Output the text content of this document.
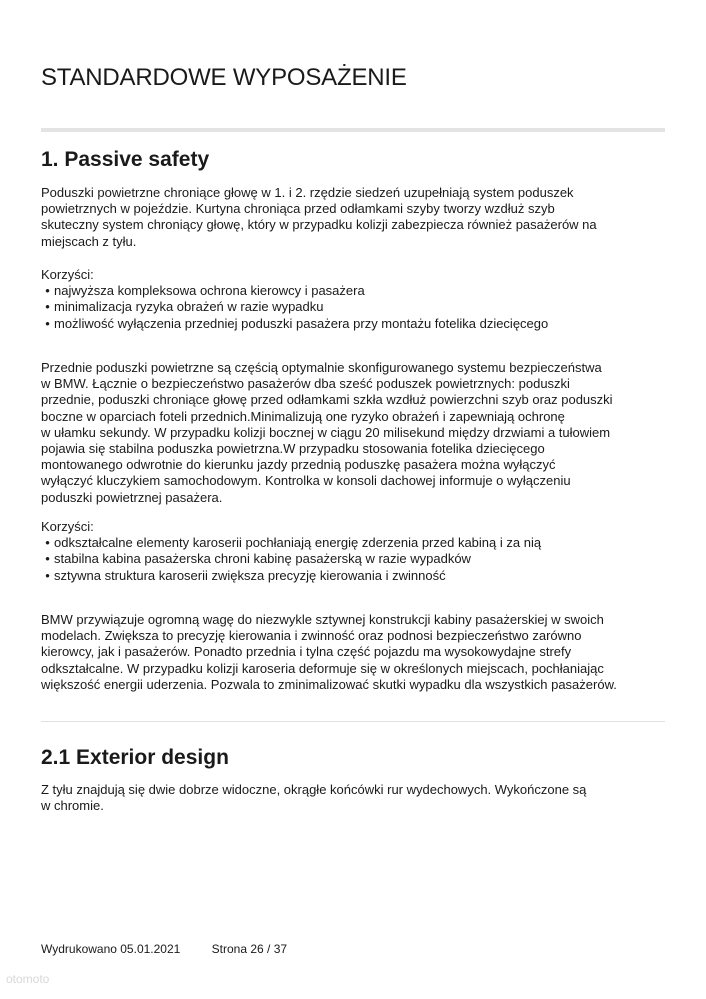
STANDARDOWE WYPOSAŻENIE
1. Passive safety
Poduszki powietrzne chroniące głowę w 1. i 2. rzędzie siedzeń uzupełniają system poduszek
powietrznych w pojeździe. Kurtyna chroniąca przed odłamkami szyby tworzy wzdłuż szyb
skuteczny system chroniący głowę, który w przypadku kolizji zabezpiecza również pasażerów na
miejscach z tyłu.
Korzyści:
• najwyższa kompleksowa ochrona kierowcy i pasażera
• minimalizacja ryzyka obrażeń w razie wypadku
• możliwość wyłączenia przedniej poduszki pasażera przy montażu fotelika dziecięcego
Przednie poduszki powietrzne są częścią optymalnie skonfigurowanego systemu bezpieczeństwa
w BMW. Łącznie o bezpieczeństwo pasażerów dba sześć poduszek powietrznych: poduszki
przednie, poduszki chroniące głowę przed odłamkami szkła wzdłuż powierzchni szyb oraz poduszki
boczne w oparciach foteli przednich.Minimalizują one ryzyko obrażeń i zapewniają ochronę
w ułamku sekundy. W przypadku kolizji bocznej w ciągu 20 milisekund między drzwiami a tułowiem
pojawia się stabilna poduszka powietrzna.W przypadku stosowania fotelika dziecięcego
montowanego odwrotnie do kierunku jazdy przednią poduszkę pasażera można wyłączyć
wyłączyć kluczykiem samochodowym. Kontrolka w konsoli dachowej informuje o wyłączeniu
poduszki powietrznej pasażera.
Korzyści:
• odkształcalne elementy karoserii pochłaniają energię zderzenia przed kabiną i za nią
• stabilna kabina pasażerska chroni kabinę pasażerską w razie wypadków
• sztywna struktura karoserii zwiększa precyzję kierowania i zwinność
BMW przywiązuje ogromną wagę do niezwykle sztywnej konstrukcji kabiny pasażerskiej w swoich
modelach. Zwiększa to precyzję kierowania i zwinność oraz podnosi bezpieczeństwo zarówno
kierowcy, jak i pasażerów. Ponadto przednia i tylna część pojazdu ma wysokowydajne strefy
odkształcalne. W przypadku kolizji karoseria deformuje się w określonych miejscach, pochłaniając
większość energii uderzenia. Pozwala to zminimalizować skutki wypadku dla wszystkich pasażerów.
2.1 Exterior design
Z tyłu znajdują się dwie dobrze widoczne, okrągłe końcówki rur wydechowych. Wykończone są
w chromie.
Wydrukowano 05.01.2021	Strona 26 / 37
otomoto
